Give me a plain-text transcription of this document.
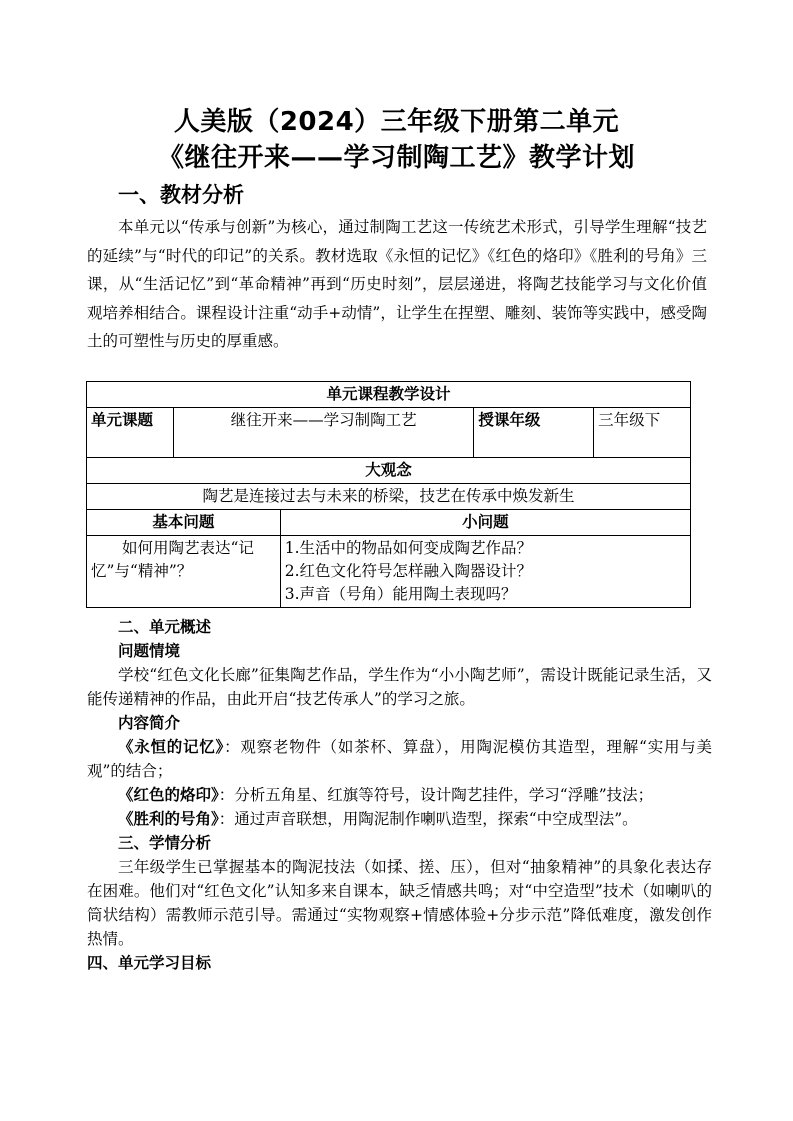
人美版（2024）三年级下册第二单元
《继往开来——学习制陶工艺》教学计划
一、教材分析
本单元以“传承与创新”为核心，通过制陶工艺这一传统艺术形式，引导学生理解“技艺的延续”与“时代的印记”的关系。教材选取《永恒的记忆》《红色的烙印》《胜利的号角》三课，从“生活记忆”到“革命精神”再到“历史时刻”，层层递进，将陶艺技能学习与文化价值观培养相结合。课程设计注重“动手+动情”，让学生在捏塑、雕刻、装饰等实践中，感受陶土的可塑性与历史的厚重感。
单元课程教学设计				
单元课题	继往开来——学习制陶工艺		授课年级	三年级下
大观念				
陶艺是连接过去与未来的桥梁，技艺在传承中焕发新生				
基本问题		小问题		
如何用陶艺表达“记忆”与“精神”？		1.生活中的物品如何变成陶艺作品？
2.红色文化符号怎样融入陶器设计？
3.声音（号角）能用陶土表现吗？		
二、单元概述
问题情境
学校“红色文化长廊”征集陶艺作品，学生作为“小小陶艺师”，需设计既能记录生活，又能传递精神的作品，由此开启“技艺传承人”的学习之旅。
内容简介
《永恒的记忆》：观察老物件（如茶杯、算盘），用陶泥模仿其造型，理解“实用与美观”的结合；
《红色的烙印》：分析五角星、红旗等符号，设计陶艺挂件，学习“浮雕”技法；
《胜利的号角》：通过声音联想，用陶泥制作喇叭造型，探索“中空成型法”。
三、学情分析
三年级学生已掌握基本的陶泥技法（如揉、搓、压），但对“抽象精神”的具象化表达存在困难。他们对“红色文化”认知多来自课本，缺乏情感共鸣；对“中空造型”技术（如喇叭的筒状结构）需教师示范引导。需通过“实物观察+情感体验+分步示范”降低难度，激发创作热情。
四、单元学习目标
